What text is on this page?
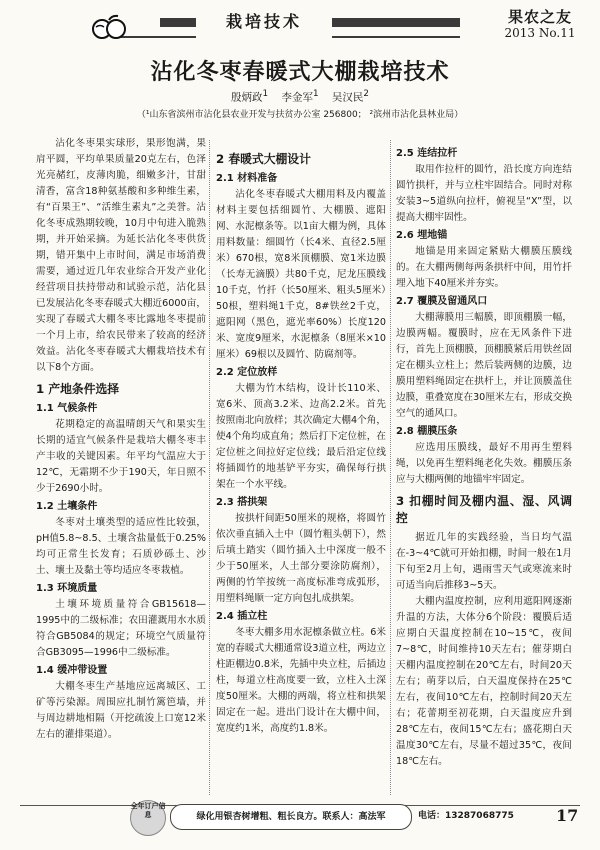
栽培技术	果农之友
2013 No.11
沾化冬枣春暖式大棚栽培技术
殷炳政$^1$ 李金军$^1$ 吴汉民$^2$
（¹山东省滨州市沾化县农业开发与扶贫办公室 256800； ²滨州市沾化县林业局）

沾化冬枣果实球形，果形饱满，果肩平圆，平均单果质量20克左右，色泽光亮赭红，皮薄肉脆，细嫩多汁，甘甜清香，富含18种氨基酸和多种维生素，有“百果王”、“活维生素丸”之美誉。沾化冬枣成熟期较晚，10月中旬进入脆熟期，并开始采摘。为延长沾化冬枣供货期，错开集中上市时间，满足市场消费需要，通过近几年农业综合开发产业化经营项目扶持带动和试验示范，沾化县已发展沾化冬枣春暖式大棚近6000亩，实现了春暖式大棚冬枣比露地冬枣提前一个月上市，给农民带来了较高的经济效益。沾化冬枣春暖式大棚栽培技术有以下8个方面。

1 产地条件选择
1.1 气候条件

花期稳定的高温晴朗天气和果实生长期的适宜气候条件是栽培大棚冬枣丰产丰收的关键因素。年平均气温应大于12℃，无霜期不少于190天，年日照不少于2690小时。

1.2 土壤条件

冬枣对土壤类型的适应性比较强，pH值5.8~8.5、土壤含盐量低于0.25%均可正常生长发育；石质砂砾土、沙土、壤土及黏土等均适应冬枣栽植。

1.3 环境质量

土壤环境质量符合GB15618—1995中的二级标准；农田灌溉用水水质符合GB5084的规定；环境空气质量符合GB3095—1996中二级标准。

1.4 缓冲带设置

大棚冬枣生产基地应远离城区、工矿等污染源。周围应扎制竹篱笆墙，并与周边耕地相隔（开挖疏浚上口宽12米左右的灌排渠道）。

2 春暖式大棚设计
2.1 材料准备

沾化冬枣春暖式大棚用料及内覆盖材料主要包括细圆竹、大棚膜、遮阳网、水泥檩条等。以1亩大棚为例，具体用料数量：细圆竹（长4米、直径2.5厘米）670根，宽8米顶棚膜、宽1米边膜（长寿无滴膜）共80千克，尼龙压膜线10千克，竹扦（长50厘米、粗头5厘米）50根，塑料绳1千克，8#铁丝2千克，遮阳网（黑色，遮光率60%）长度120米、宽度9厘米，水泥檩条（8厘米×10厘米）69根以及圆竹、防腐剂等。

2.2 定位放样

大棚为竹木结构，设计长110米、宽6米、顶高3.2米、边高2.2米。首先按照南北向放样；其次确定大棚4个角，使4个角均成直角；然后打下定位桩，在定位桩之间拉好定位线；最后沿定位线将插圆竹的地基铲平夯实，确保每行拱架在一个水平线。

2.3 搭拱架

按拱杆间距50厘米的规格，将圆竹依次垂直插入土中（圆竹粗头朝下），然后填土踏实（圆竹插入土中深度一般不少于50厘米，人土部分要涂防腐剂），两侧的竹竿按统一高度标准弯成弧形，用塑料绳顺一定方向包扎成拱架。

2.4 插立柱

冬枣大棚多用水泥檩条做立柱。6米宽的春暖式大棚通常设3道立柱，两边立柱距棚边0.8米，先插中央立柱，后插边柱，每道立柱高度要一致，立柱入土深度50厘米。大棚的两端，将立柱和拱架固定在一起。进出门设计在大棚中间，宽度约1米，高度约1.8米。

2.5 连结拉杆

取用作拉杆的圆竹，沿长度方向连结圆竹拱杆，并与立柱牢固结合。同时对称安装3~5道纵向拉杆，俯视呈“X”型，以提高大棚牢固性。

2.6 埋地锚

地锚是用来固定紧贴大棚膜压膜线的。在大棚两侧每两条拱杆中间，用竹扦埋入地下40厘米并夯实。

2.7 覆膜及留通风口

大棚薄膜用三幅膜，即顶棚膜一幅，边膜两幅。覆膜时，应在无风条件下进行，首先上顶棚膜，顶棚膜紧后用铁丝固定在棚头立柱上；然后装两侧的边膜，边膜用塑料绳固定在拱杆上，并让顶膜盖住边膜，重叠宽度在30厘米左右，形成交换空气的通风口。

2.8 棚膜压条

应选用压膜线，最好不用再生塑料绳，以免再生塑料绳老化失效。棚膜压条应与大棚两侧的地锚牢牢固定。

3 扣棚时间及棚内温、湿、风调控

据近几年的实践经验，当日均气温在-3~4℃就可开始扣棚，时间一般在1月下旬至2月上旬，遇雨雪天气或寒流来时可适当向后推移3~5天。

大棚内温度控制，应利用遮阳网逐渐升温的方法，大体分6个阶段：覆膜后适应期白天温度控制在10~15℃，夜间7~8℃，时间维持10天左右；催芽期白天棚内温度控制在20℃左右，时间20天左右；萌芽以后，白天温度保持在25℃左右，夜间10℃左右，控制时间20天左右；花蕾期至初花期，白天温度应升到28℃左右，夜间15℃左右；盛花期白天温度30℃左右，尽量不超过35℃，夜间18℃左右。

全年订户信息	绿化用银杏树增粗、粗长良方。联系人：高法军	电话：13287068775	17
